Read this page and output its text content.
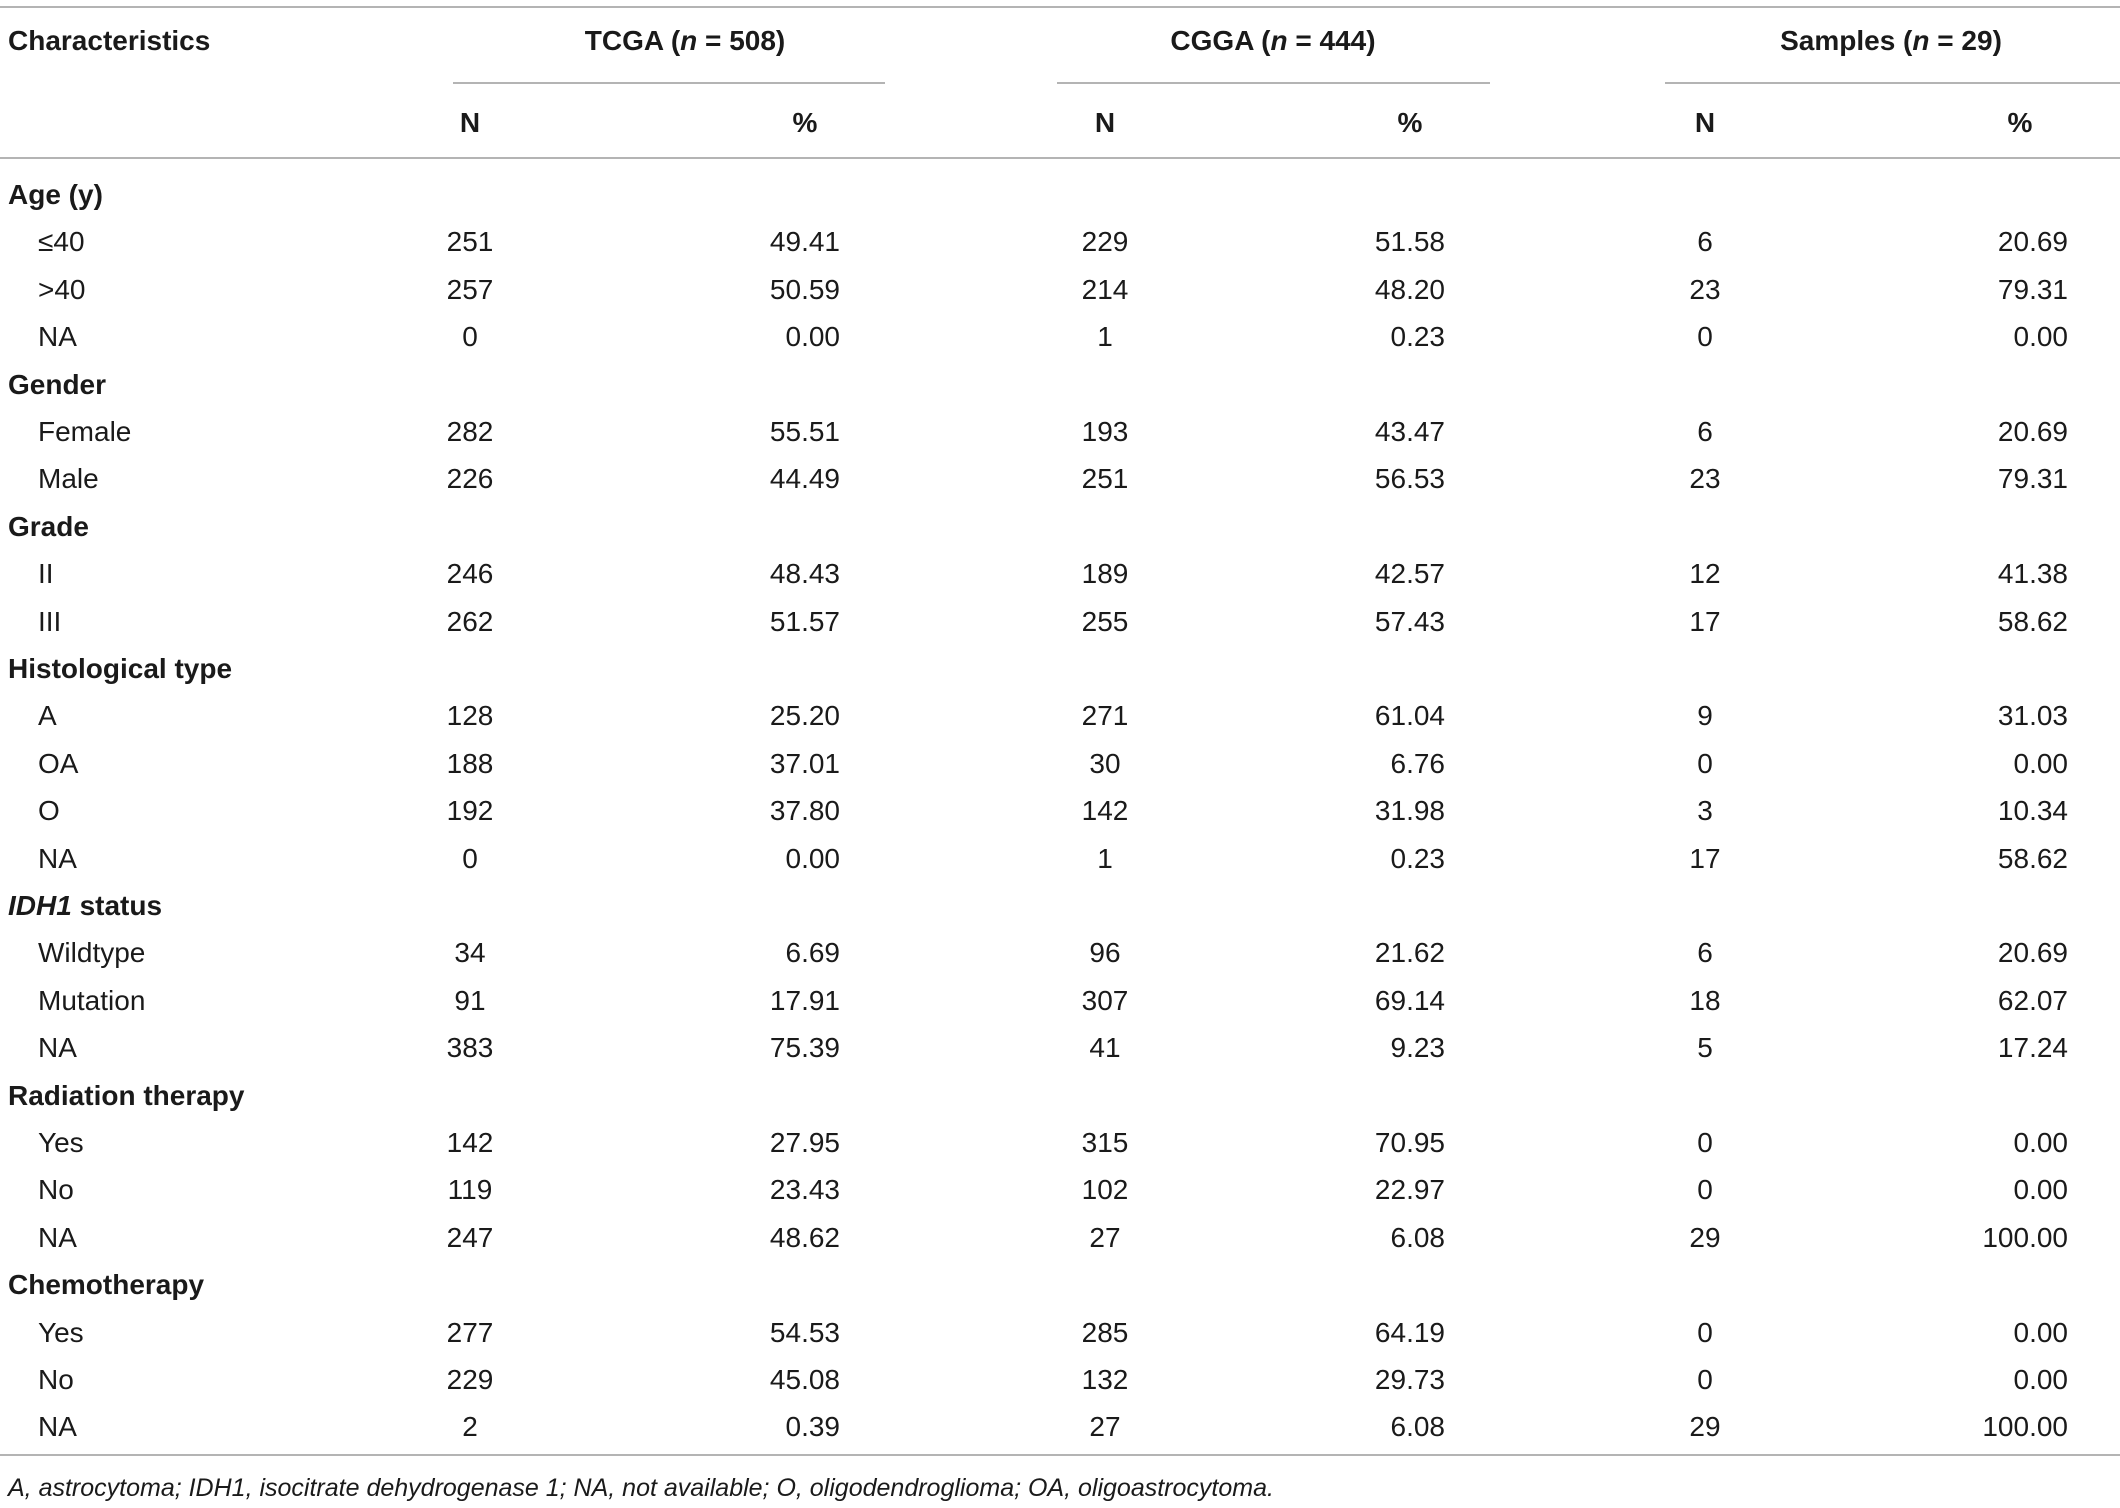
Characteristics	TCGA (n = 508)	CGGA (n = 444)	Samples (n = 29)
N	%	N	%	N	%
Age (y)
≤40	251	49.41	229	51.58	6	20.69
>40	257	50.59	214	48.20	23	79.31
NA	0	0.00	1	0.23	0	0.00
Gender
Female	282	55.51	193	43.47	6	20.69
Male	226	44.49	251	56.53	23	79.31
Grade
II	246	48.43	189	42.57	12	41.38
III	262	51.57	255	57.43	17	58.62
Histological type
A	128	25.20	271	61.04	9	31.03
OA	188	37.01	30	6.76	0	0.00
O	192	37.80	142	31.98	3	10.34
NA	0	0.00	1	0.23	17	58.62
IDH1 status
Wildtype	34	6.69	96	21.62	6	20.69
Mutation	91	17.91	307	69.14	18	62.07
NA	383	75.39	41	9.23	5	17.24
Radiation therapy
Yes	142	27.95	315	70.95	0	0.00
No	119	23.43	102	22.97	0	0.00
NA	247	48.62	27	6.08	29	100.00
Chemotherapy
Yes	277	54.53	285	64.19	0	0.00
No	229	45.08	132	29.73	0	0.00
NA	2	0.39	27	6.08	29	100.00
A, astrocytoma; IDH1, isocitrate dehydrogenase 1; NA, not available; O, oligodendroglioma; OA, oligoastrocytoma.
